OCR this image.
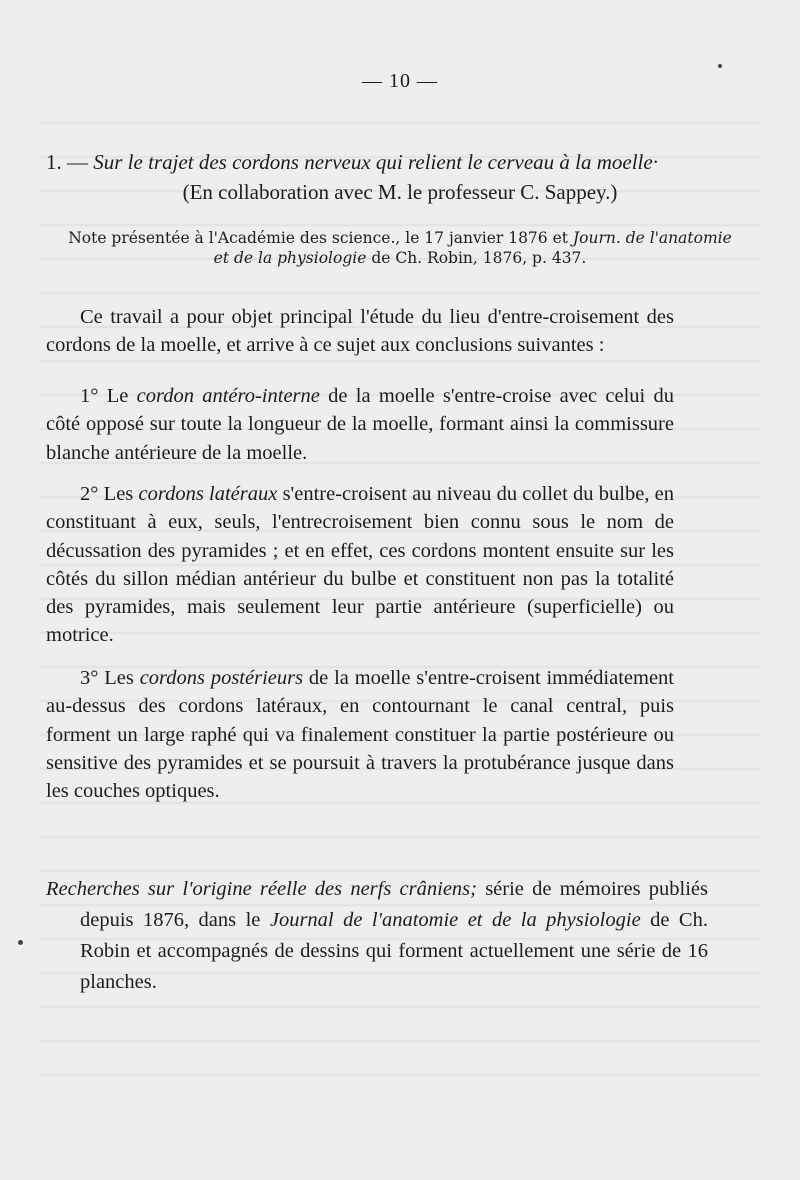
— 10 —
1. — Sur le trajet des cordons nerveux qui relient le cerveau à la moelle·
(En collaboration avec M. le professeur C. Sappey.)
Note présentée à l'Académie des science., le 17 janvier 1876 et Journ. de l'anatomie et de la physiologie de Ch. Robin, 1876, p. 437.
Ce travail a pour objet principal l'étude du lieu d'entre-croisement des cordons de la moelle, et arrive à ce sujet aux conclusions suivantes :
1° Le cordon antéro-interne de la moelle s'entre-croise avec celui du côté opposé sur toute la longueur de la moelle, formant ainsi la commissure blanche antérieure de la moelle.
2° Les cordons latéraux s'entre-croisent au niveau du collet du bulbe, en constituant à eux, seuls, l'entrecroisement bien connu sous le nom de décussation des pyramides ; et en effet, ces cordons montent ensuite sur les côtés du sillon médian antérieur du bulbe et constituent non pas la totalité des pyramides, mais seulement leur partie antérieure (superficielle) ou motrice.
3° Les cordons postérieurs de la moelle s'entre-croisent immédiatement au-dessus des cordons latéraux, en contournant le canal central, puis forment un large raphé qui va finalement constituer la partie postérieure ou sensitive des pyramides et se poursuit à travers la protubérance jusque dans les couches optiques.
Recherches sur l'origine réelle des nerfs crâniens; série de mémoires publiés depuis 1876, dans le Journal de l'anatomie et de la physiologie de Ch. Robin et accompagnés de dessins qui forment actuellement une série de 16 planches.
